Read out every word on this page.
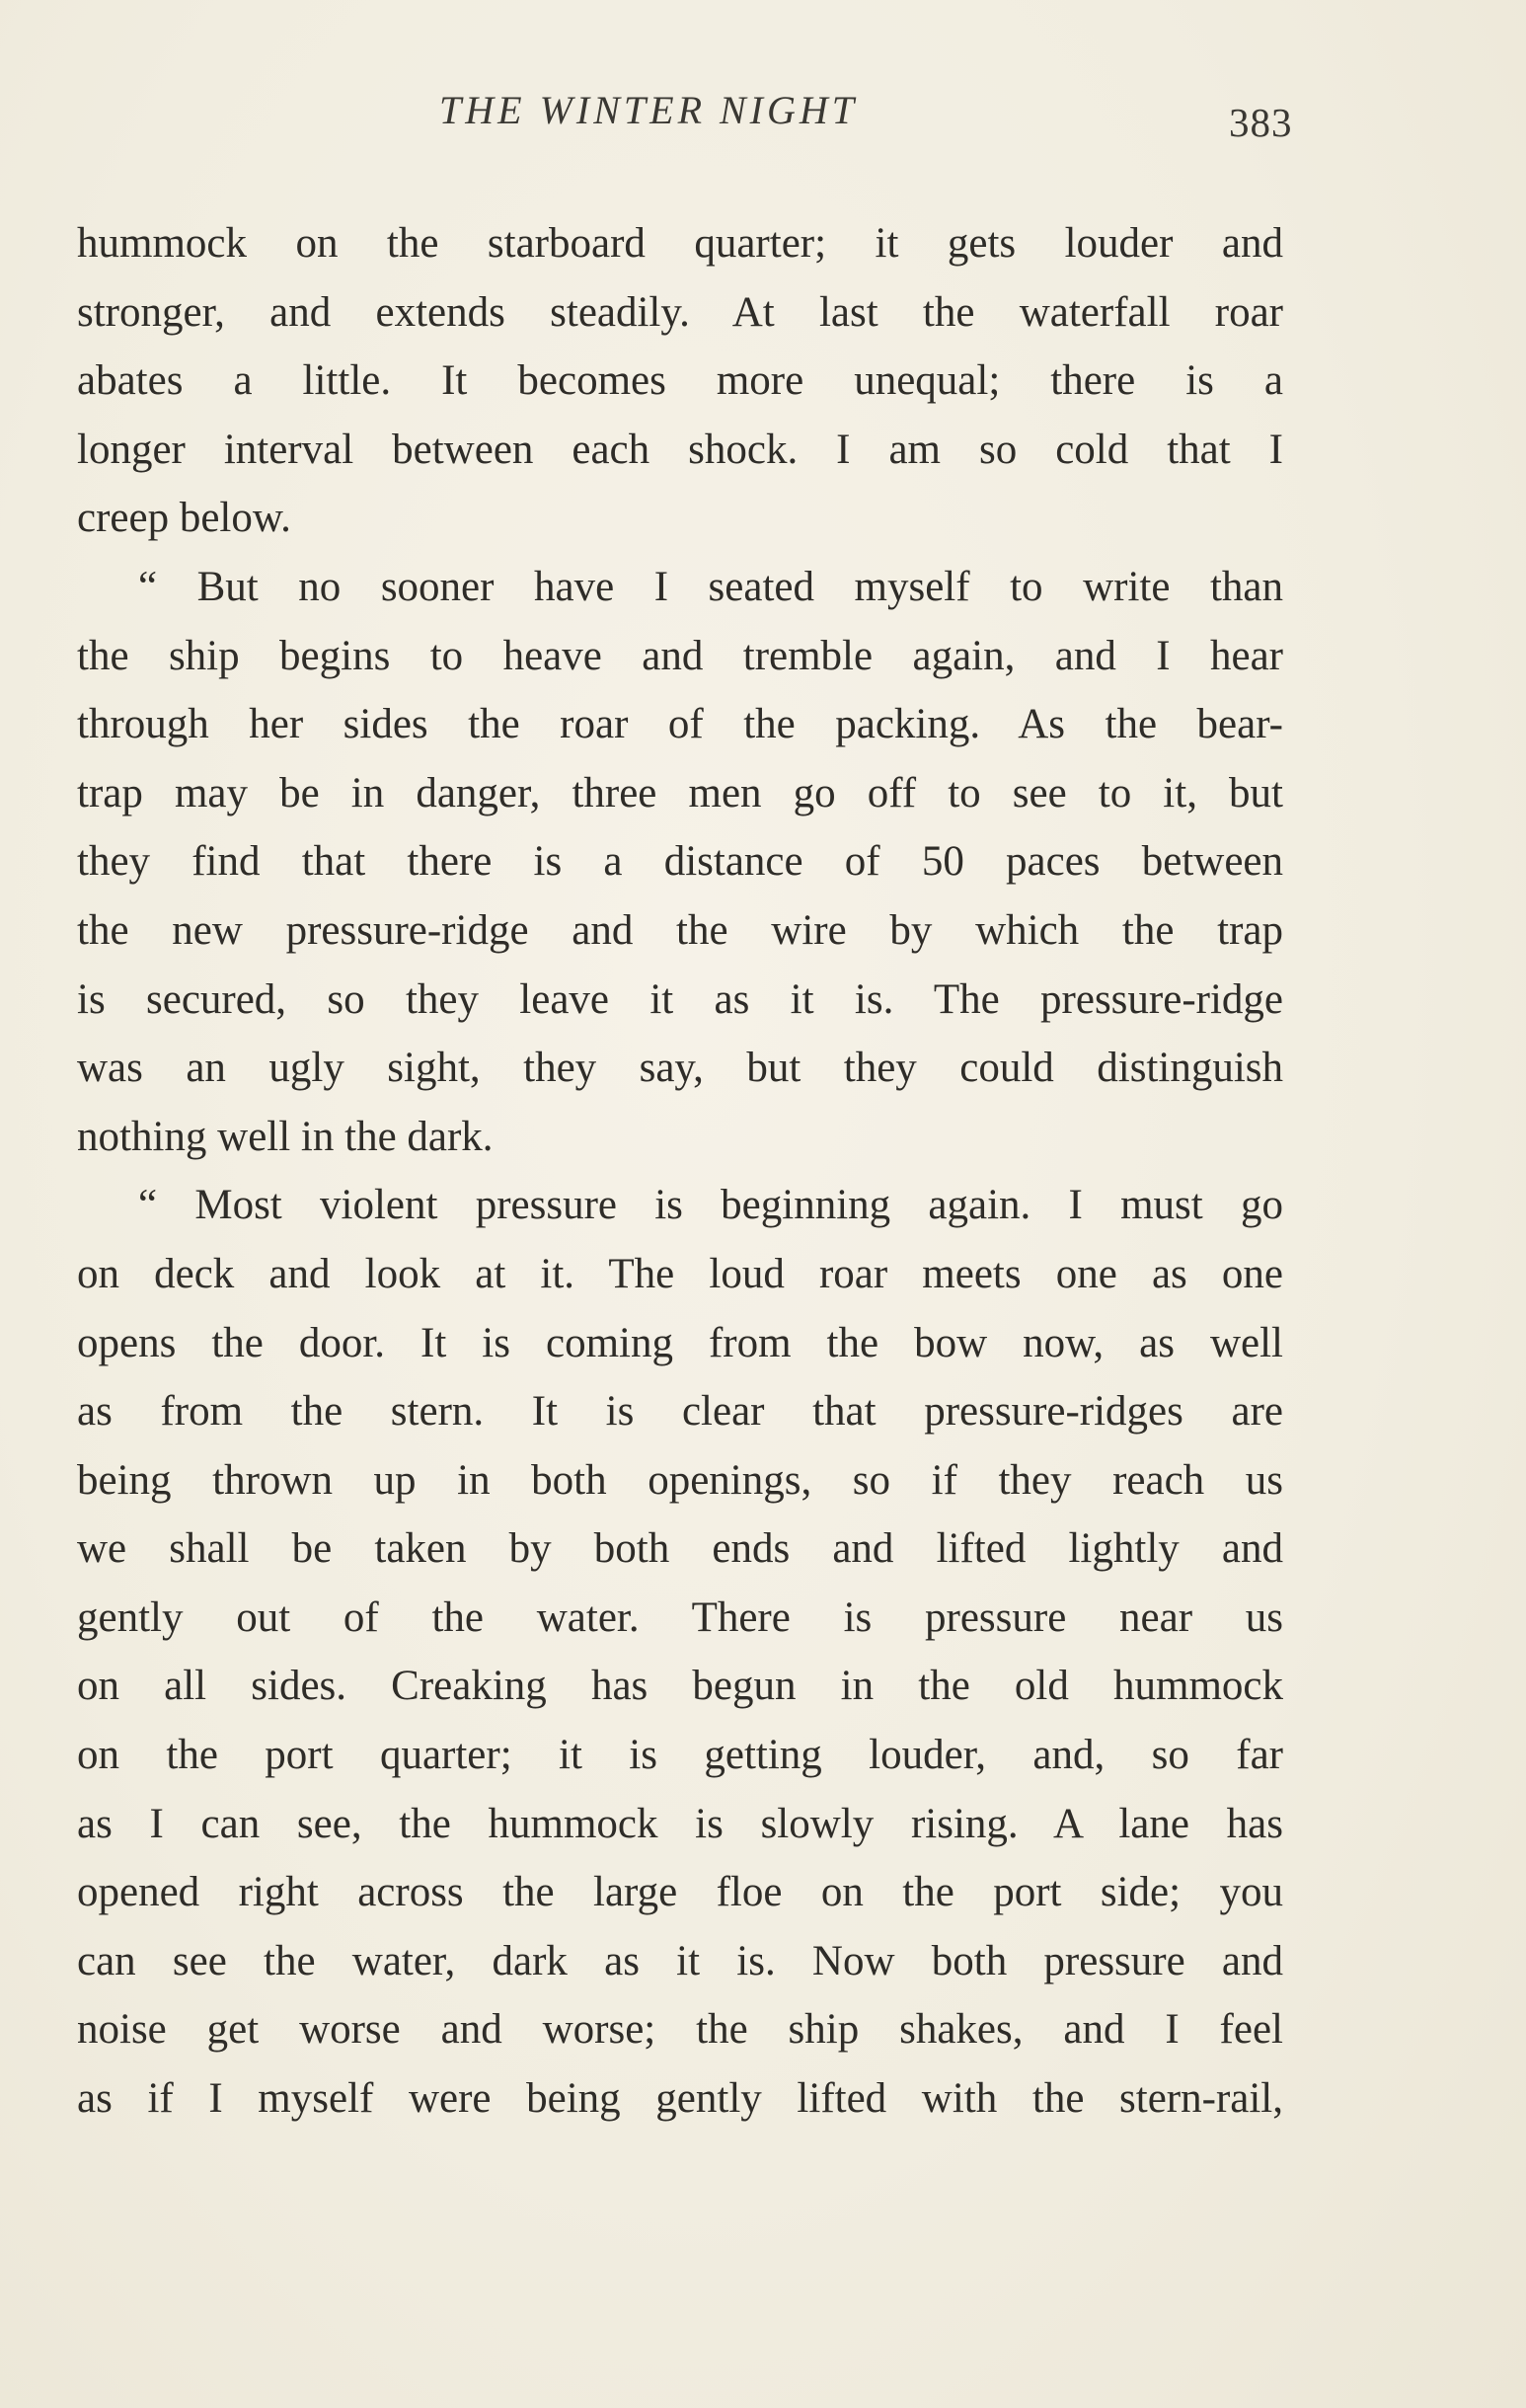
THE WINTER NIGHT	383
hummock on the starboard quarter; it gets louder and
stronger, and extends steadily. At last the waterfall roar
abates a little. It becomes more unequal; there is a
longer interval between each shock. I am so cold that I
creep below.
“ But no sooner have I seated myself to write than
the ship begins to heave and tremble again, and I hear
through her sides the roar of the packing. As the bear-
trap may be in danger, three men go off to see to it, but
they find that there is a distance of 50 paces between
the new pressure-ridge and the wire by which the trap
is secured, so they leave it as it is. The pressure-ridge
was an ugly sight, they say, but they could distinguish
nothing well in the dark.
“ Most violent pressure is beginning again. I must go
on deck and look at it. The loud roar meets one as one
opens the door. It is coming from the bow now, as well
as from the stern. It is clear that pressure-ridges are
being thrown up in both openings, so if they reach us
we shall be taken by both ends and lifted lightly and
gently out of the water. There is pressure near us
on all sides. Creaking has begun in the old hummock
on the port quarter; it is getting louder, and, so far
as I can see, the hummock is slowly rising. A lane has
opened right across the large floe on the port side; you
can see the water, dark as it is. Now both pressure and
noise get worse and worse; the ship shakes, and I feel
as if I myself were being gently lifted with the stern-rail,
